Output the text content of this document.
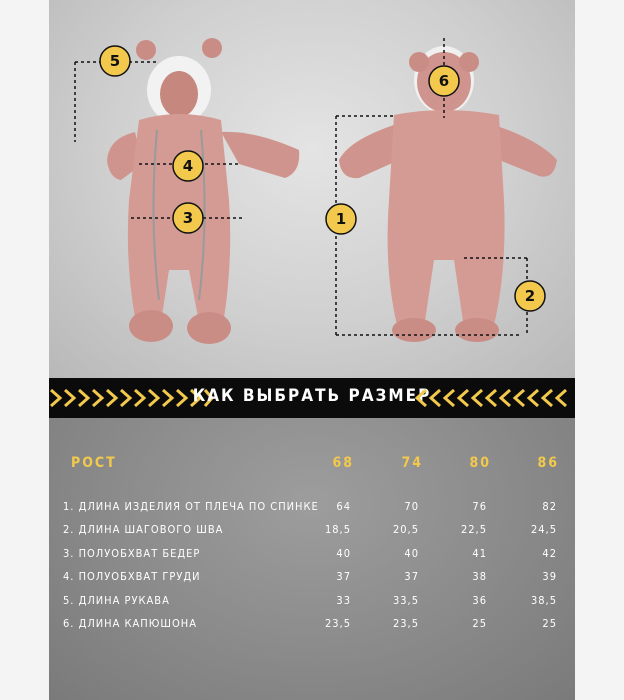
5
4
3	1
2
6
КАК ВЫБРАТЬ РАЗМЕР
РОСТ	68	74	80	86
1. ДЛИНА ИЗДЕЛИЯ ОТ ПЛЕЧА ПО СПИНКЕ	64	70	76	82
2. ДЛИНА ШАГОВОГО ШВА	18,5	20,5	22,5	24,5
3. ПОЛУОБХВАТ БЕДЕР	40	40	41	42
4. ПОЛУОБХВАТ ГРУДИ	37	37	38	39
5. ДЛИНА РУКАВА	33	33,5	36	38,5
6. ДЛИНА КАПЮШОНА	23,5	23,5	25	25
